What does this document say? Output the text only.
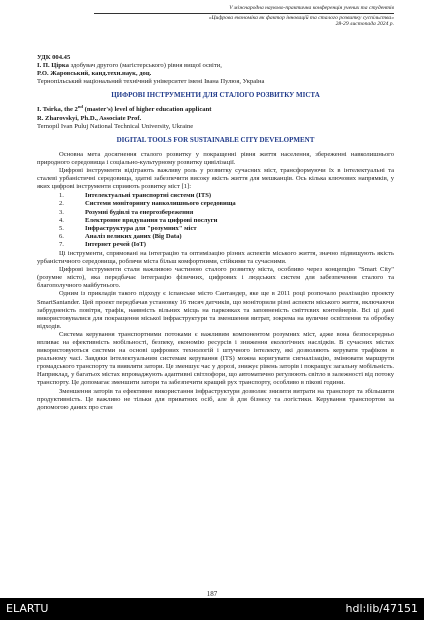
V міжнародна науково-практична конференція учених та студентів
«Цифрова економіка як фактор інновацій та сталого розвитку суспільства»
28-29 листопада 2024 р.
УДК 004.45
І. П. Цірка здобувач другого (магістерського) рівня вищої освіти,
Р.О. Жаровський, канд.техн.наук, доц.
Тернопільський національний технічний університет імені Івана Пулюя, Україна
ЦИФРОВІ ІНСТРУМЕНТИ ДЛЯ СТАЛОГО РОЗВИТКУ МІСТА
I. Tsirka, the 2nd (master's) level of higher education applicant
R. Zharovskyi, Ph.D., Associate Prof.
Ternopil Ivan Puluj National Technical University, Ukraine
DIGITAL TOOLS FOR SUSTAINABLE CITY DEVELOPMENT

Основна мета досягнення сталого розвитку у покращенні рівня життя населення, збереженні навколишнього природного середовища і соціально-культурному розвитку цивілізації.

Цифрові інструменти відіграють важливу роль у розвитку сучасних міст, трансформуючи їх в інтелектуальні та сталеві урбаністичні середовища, здатні забезпечити високу якість життя для мешканців. Ось кілька ключових напрямків, у яких цифрові інструменти сприяють розвитку міст [1]:

1.	Інтелектуальні транспортні системи (ITS)
2.	Системи моніторингу навколишнього середовища
3.	Розумні будівлі та енергозбереження
4.	Електронне врядування та цифрові послуги
5.	Інфраструктура для "розумних" міст
6.	Аналіз великих даних (Big Data)
7.	Інтернет речей (IoT)

Ці інструменти, спрямовані на інтеграцію та оптимізацію різних аспектів міського життя, значно підвищують якість урбаністичного середовища, роблячи міста більш комфортними, стійкими та сучасними.

Цифрові інструменти стали важливою частиною сталого розвитку міста, особливо через концепцію "Smart City" (розумне місто), яка передбачає інтеграцію фізичних, цифрових і людських систем для забезпечення сталого та благополучного майбутнього.

Одним із прикладів такого підходу є іспанське місто Сантандер, яке ще в 2011 році розпочало реалізацію проекту SmartSantander. Цей проект передбачав установку 16 тисяч датчиків, що моніторили різні аспекти міського життя, включаючи забрудненість повітря, трафік, наявність вільних місць на парковках та заповненість сміттєвих контейнерів. Всі ці дані використовувалися для покращення міської інфраструктури та зменшення витрат, зокрема на вуличне освітлення та обробку відходів.

Система керування транспортними потоками є важливим компонентом розумних міст, адже вона безпосередньо впливає на ефективність мобільності, безпеку, економію ресурсів і зниження екологічних наслідків. В сучасних містах використовуються системи на основі цифрових технологій і штучного інтелекту, які дозволяють керувати трафіком в реальному часі. Завдяки інтелектуальним системам керування (ITS) можна коригувати сигналізацію, змінювати маршрути громадського транспорту та виявляти затори. Це зменшує час у дорозі, знижує рівень заторів і покращує загальну мобільність. Наприклад, у багатьох містах впроваджують адаптивні світлофори, що автоматично регулюють світло в залежності від потоку транспорту. Це допомагає зменшити затори та забезпечити кращий рух транспорту, особливо в пікові години.

Зменшення заторів та ефективне використання інфраструктури дозволяє знизити витрати на транспорт та збільшити продуктивність. Це важливо не тільки для приватних осіб, але й для бізнесу та логістики. Керування транспортом за допомогою даних про стан

187
ELARTU	hdl:lib/47151
